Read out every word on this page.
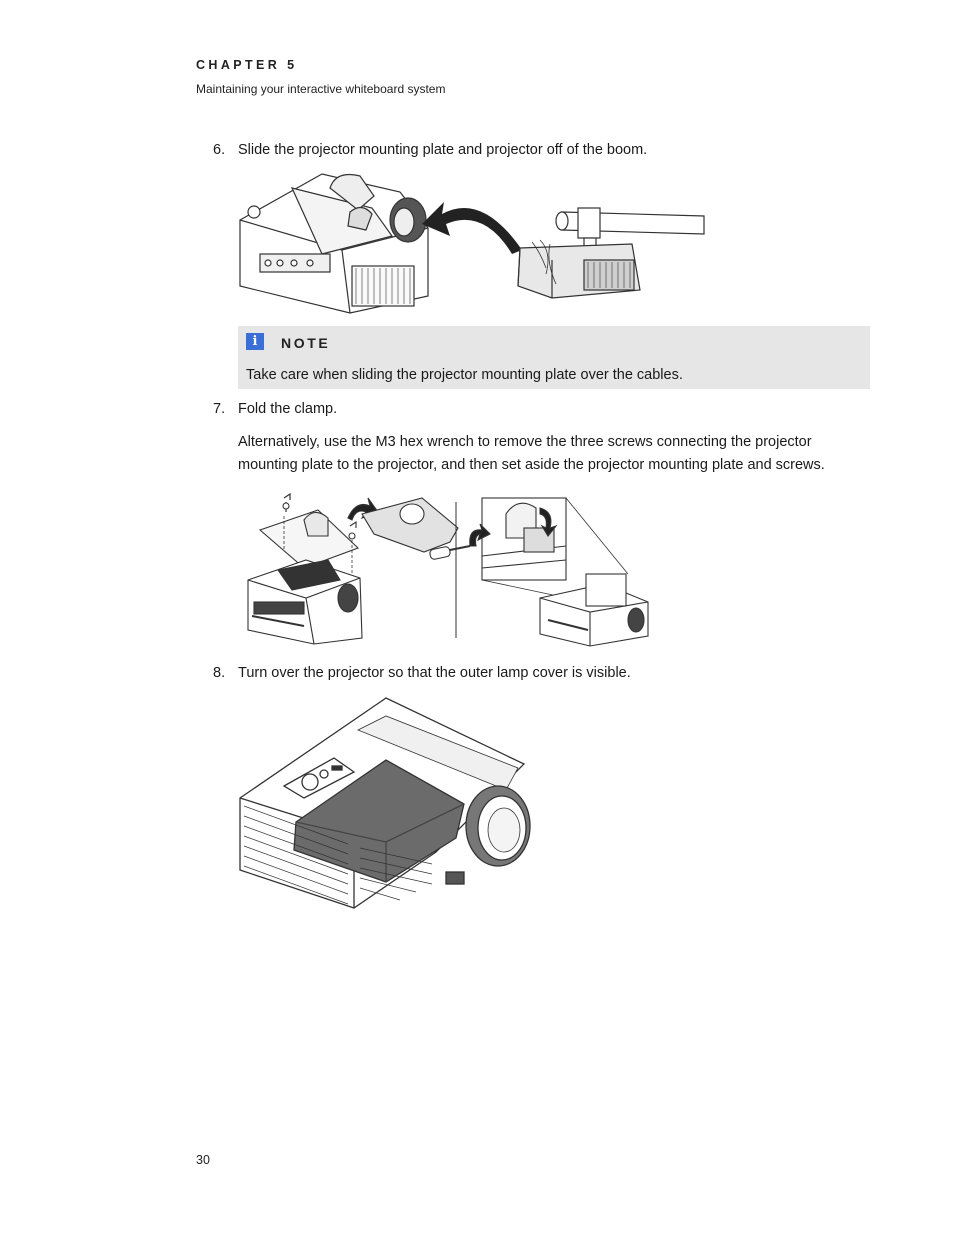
CHAPTER 5
Maintaining your interactive whiteboard system
6. Slide the projector mounting plate and projector off of the boom.
i	NOTE
Take care when sliding the projector mounting plate over the cables.
7. Fold the clamp.
Alternatively, use the M3 hex wrench to remove the three screws connecting the projector mounting plate to the projector, and then set aside the projector mounting plate and screws.
8. Turn over the projector so that the outer lamp cover is visible.
30
